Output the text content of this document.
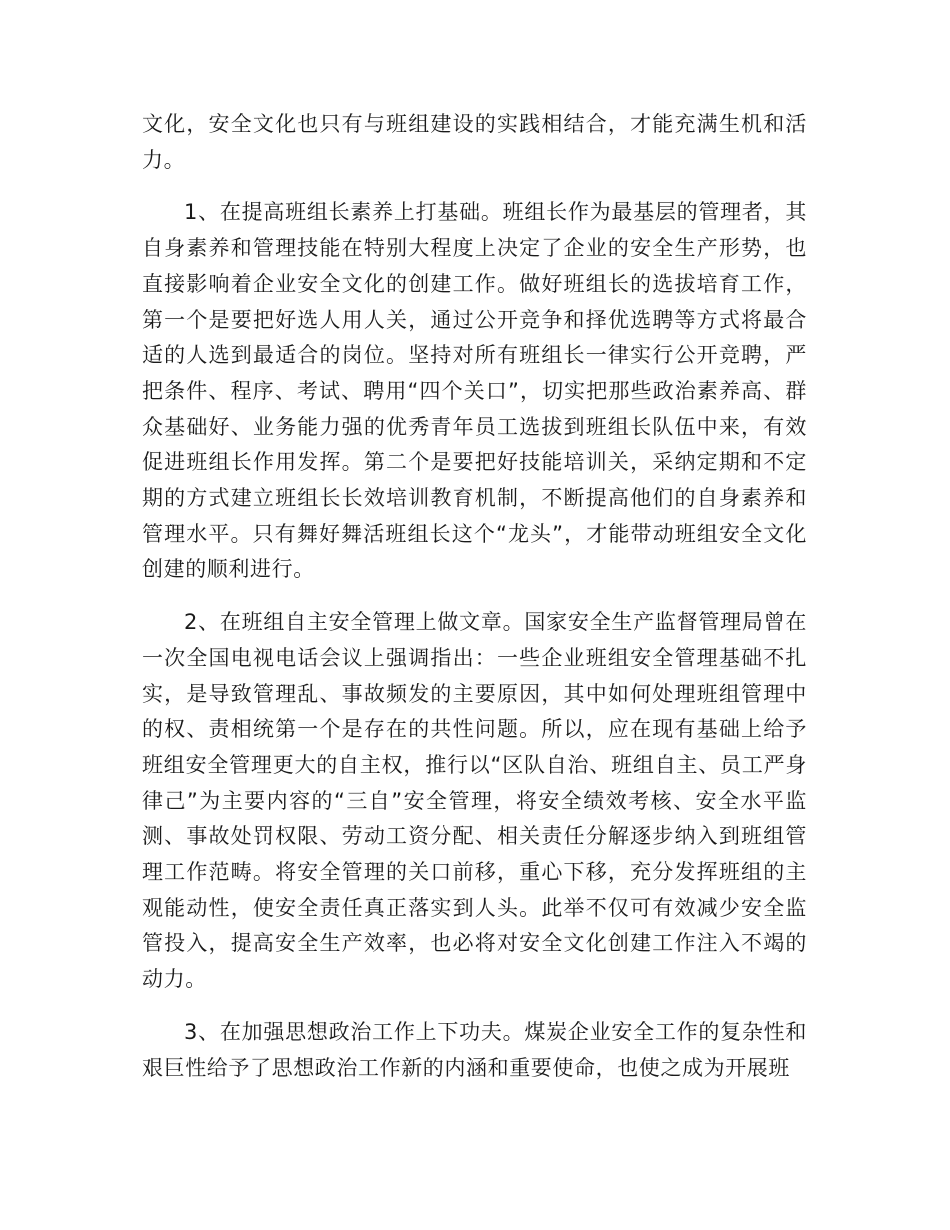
文化，安全文化也只有与班组建设的实践相结合，才能充满生机和活力。

1、在提高班组长素养上打基础。班组长作为最基层的管理者，其自身素养和管理技能在特别大程度上决定了企业的安全生产形势，也直接影响着企业安全文化的创建工作。做好班组长的选拔培育工作，第一个是要把好选人用人关，通过公开竞争和择优选聘等方式将最合适的人选到最适合的岗位。坚持对所有班组长一律实行公开竞聘，严把条件、程序、考试、聘用“四个关口”，切实把那些政治素养高、群众基础好、业务能力强的优秀青年员工选拔到班组长队伍中来，有效促进班组长作用发挥。第二个是要把好技能培训关，采纳定期和不定期的方式建立班组长长效培训教育机制，不断提高他们的自身素养和管理水平。只有舞好舞活班组长这个“龙头”，才能带动班组安全文化创建的顺利进行。

2、在班组自主安全管理上做文章。国家安全生产监督管理局曾在一次全国电视电话会议上强调指出：一些企业班组安全管理基础不扎实，是导致管理乱、事故频发的主要原因，其中如何处理班组管理中的权、责相统第一个是存在的共性问题。所以，应在现有基础上给予班组安全管理更大的自主权，推行以“区队自治、班组自主、员工严身律己”为主要内容的“三自”安全管理，将安全绩效考核、安全水平监测、事故处罚权限、劳动工资分配、相关责任分解逐步纳入到班组管理工作范畴。将安全管理的关口前移，重心下移，充分发挥班组的主观能动性，使安全责任真正落实到人头。此举不仅可有效减少安全监管投入，提高安全生产效率，也必将对安全文化创建工作注入不竭的动力。

3、在加强思想政治工作上下功夫。煤炭企业安全工作的复杂性和艰巨性给予了思想政治工作新的内涵和重要使命，也使之成为开展班
